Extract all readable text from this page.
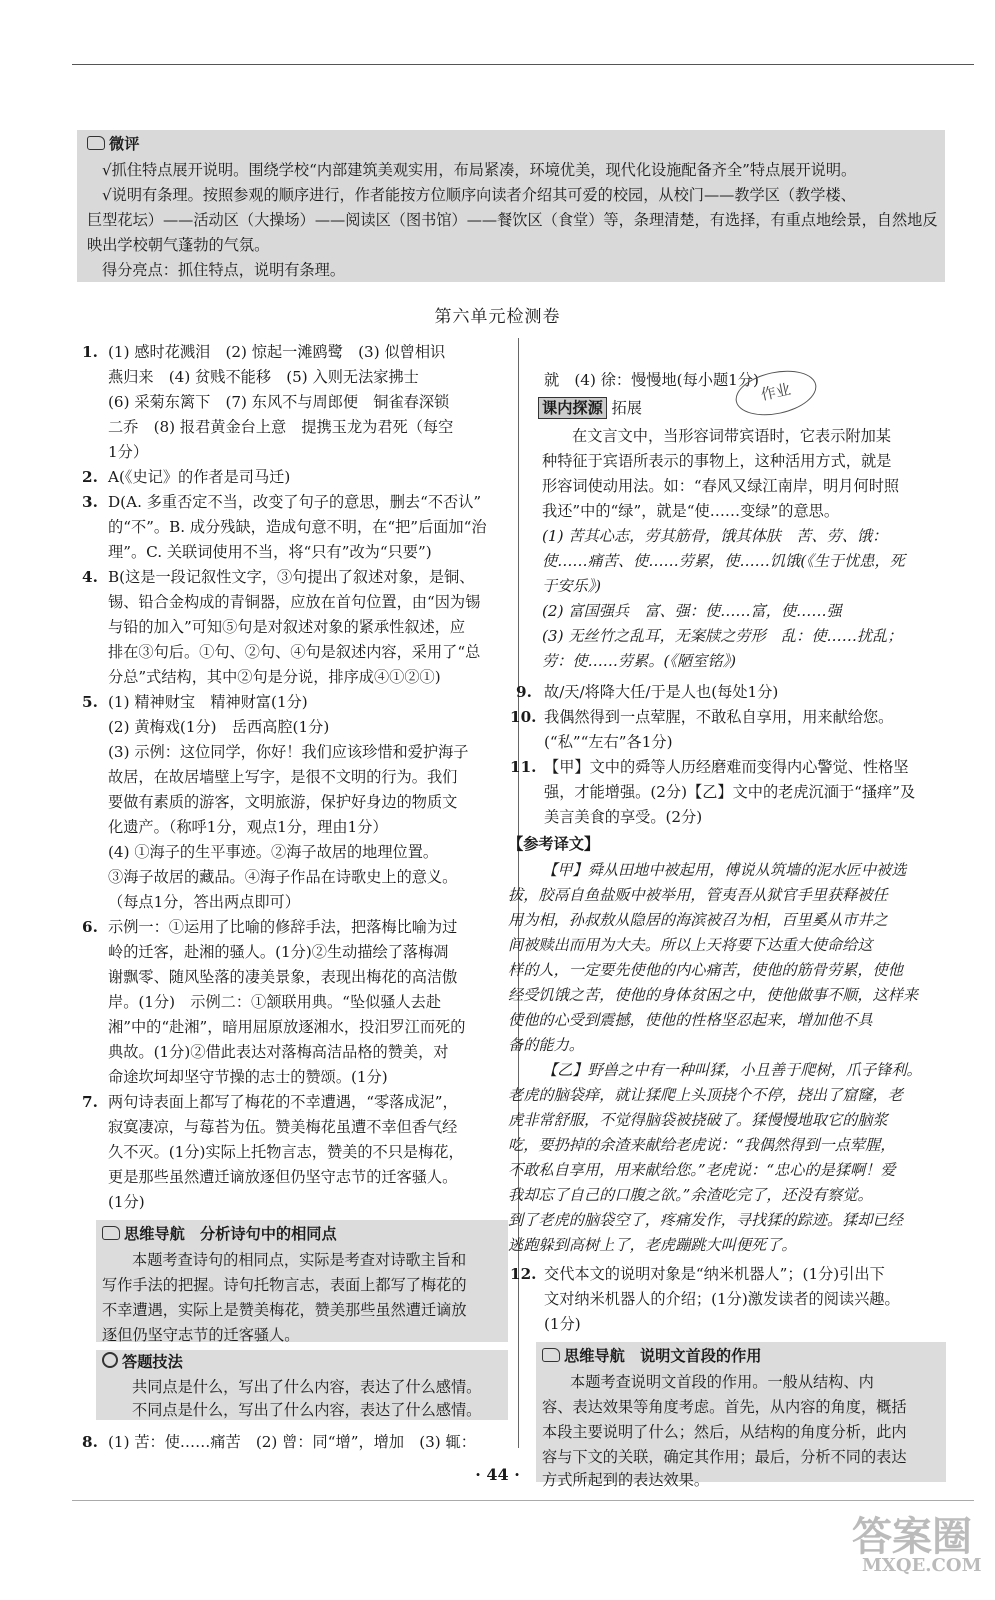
微评
√抓住特点展开说明。围绕学校“内部建筑美观实用，布局紧凑，环境优美，现代化设施配备齐全”特点展开说明。
√说明有条理。按照参观的顺序进行，作者能按方位顺序向读者介绍其可爱的校园，从校门——教学区（教学楼、
巨型花坛）——活动区（大操场）——阅读区（图书馆）——餐饮区（食堂）等，条理清楚，有选择，有重点地绘景，自然地反
映出学校朝气蓬勃的气氛。
得分亮点：抓住特点，说明有条理。
第六单元检测卷
1. (1) 感时花溅泪　(2) 惊起一滩鸥鹭　(3) 似曾相识
燕归来　(4) 贫贱不能移　(5) 入则无法家拂士
(6) 采菊东篱下　(7) 东风不与周郎便　铜雀春深锁
二乔　(8) 报君黄金台上意　提携玉龙为君死（每空
1分）
2. A(《史记》的作者是司马迁)
3. D(A. 多重否定不当，改变了句子的意思，删去“不否认”
的“不”。B. 成分残缺，造成句意不明，在“把”后面加“治
理”。C. 关联词使用不当，将“只有”改为“只要”)
4. B(这是一段记叙性文字，③句提出了叙述对象，是铜、
锡、铅合金构成的青铜器，应放在首句位置，由“因为锡
与铅的加入”可知⑤句是对叙述对象的紧承性叙述，应
排在③句后。①句、②句、④句是叙述内容，采用了“总
分总”式结构，其中②句是分说，排序成④①②①)
5. (1) 精神财宝　精神财富(1分)
(2) 黄梅戏(1分)　岳西高腔(1分)
(3) 示例：这位同学，你好！我们应该珍惜和爱护海子
故居，在故居墙壁上写字，是很不文明的行为。我们
要做有素质的游客，文明旅游，保护好身边的物质文
化遗产。（称呼1分，观点1分，理由1分）
(4) ①海子的生平事迹。②海子故居的地理位置。
③海子故居的藏品。④海子作品在诗歌史上的意义。
（每点1分，答出两点即可）
6. 示例一：①运用了比喻的修辞手法，把落梅比喻为过
岭的迁客，赴湘的骚人。(1分)②生动描绘了落梅凋
谢飘零、随风坠落的凄美景象，表现出梅花的高洁傲
岸。(1分)　示例二：①颔联用典。“坠似骚人去赴
湘”中的“赴湘”，暗用屈原放逐湘水，投汨罗江而死的
典故。(1分)②借此表达对落梅高洁品格的赞美，对
命途坎坷却坚守节操的志士的赞颂。(1分)
7. 两句诗表面上都写了梅花的不幸遭遇，“零落成泥”，
寂寞凄凉，与莓苔为伍。赞美梅花虽遭不幸但香气经
久不灭。(1分)实际上托物言志，赞美的不只是梅花，
更是那些虽然遭迁谪放逐但仍坚守志节的迁客骚人。
(1分)
思维导航　分析诗句中的相同点
本题考查诗句的相同点，实际是考查对诗歌主旨和
写作手法的把握。诗句托物言志，表面上都写了梅花的
不幸遭遇，实际上是赞美梅花，赞美那些虽然遭迁谪放
逐但仍坚守志节的迁客骚人。
答题技法
共同点是什么，写出了什么内容，表达了什么感情。
不同点是什么，写出了什么内容，表达了什么感情。
8. (1) 苦：使……痛苦　(2) 曾：同“增”，增加　(3) 辄：
就　(4) 徐：慢慢地(每小题1分)
课内探源 拓展
在文言文中，当形容词带宾语时，它表示附加某
种特征于宾语所表示的事物上，这种活用方式，就是
形容词使动用法。如：“春风又绿江南岸，明月何时照
我还”中的“绿”，就是“使……变绿”的意思。
(1) 苦其心志，劳其筋骨，饿其体肤　苦、劳、饿：
使……痛苦、使……劳累，使……饥饿(《生于忧患，死
于安乐》)
(2) 富国强兵　富、强：使……富，使……强
(3) 无丝竹之乱耳，无案牍之劳形　乱：使……扰乱；
劳：使……劳累。(《陋室铭》)
9. 故/天/将降大任/于是人也(每处1分)
10. 我偶然得到一点荤腥，不敢私自享用，用来献给您。
(“私”“左右”各1分)
11. 【甲】文中的舜等人历经磨难而变得内心警觉、性格坚
强，才能增强。(2分)【乙】文中的老虎沉湎于“搔痒”及
美言美食的享受。(2分)
【参考译文】
【甲】舜从田地中被起用，傅说从筑墙的泥水匠中被选
拔，胶鬲自鱼盐贩中被举用，管夷吾从狱官手里获释被任
用为相，孙叔敖从隐居的海滨被召为相，百里奚从市井之
间被赎出而用为大夫。所以上天将要下达重大使命给这
样的人，一定要先使他的内心痛苦，使他的筋骨劳累，使他
经受饥饿之苦，使他的身体贫困之中，使他做事不顺，这样来
使他的心受到震撼，使他的性格坚忍起来，增加他不具
备的能力。
【乙】野兽之中有一种叫猱，小且善于爬树，爪子锋利。
老虎的脑袋痒，就让猱爬上头顶挠个不停，挠出了窟窿，老
虎非常舒服，不觉得脑袋被挠破了。猱慢慢地取它的脑浆
吃，要扔掉的余渣来献给老虎说：“我偶然得到一点荤腥，
不敢私自享用，用来献给您。”老虎说：“忠心的是猱啊！爱
我却忘了自己的口腹之欲。”余渣吃完了，还没有察觉。
到了老虎的脑袋空了，疼痛发作，寻找猱的踪迹。猱却已经
逃跑躲到高树上了，老虎蹦跳大叫便死了。
12. 交代本文的说明对象是“纳米机器人”；(1分)引出下
文对纳米机器人的介绍；(1分)激发读者的阅读兴趣。
(1分)
思维导航　说明文首段的作用
本题考查说明文首段的作用。一般从结构、内
容、表达效果等角度考虑。首先，从内容的角度，概括
本段主要说明了什么；然后，从结构的角度分析，此内
容与下文的关联，确定其作用；最后，分析不同的表达
方式所起到的表达效果。
作业
· 44 ·
答案圈
MXQE.COM
